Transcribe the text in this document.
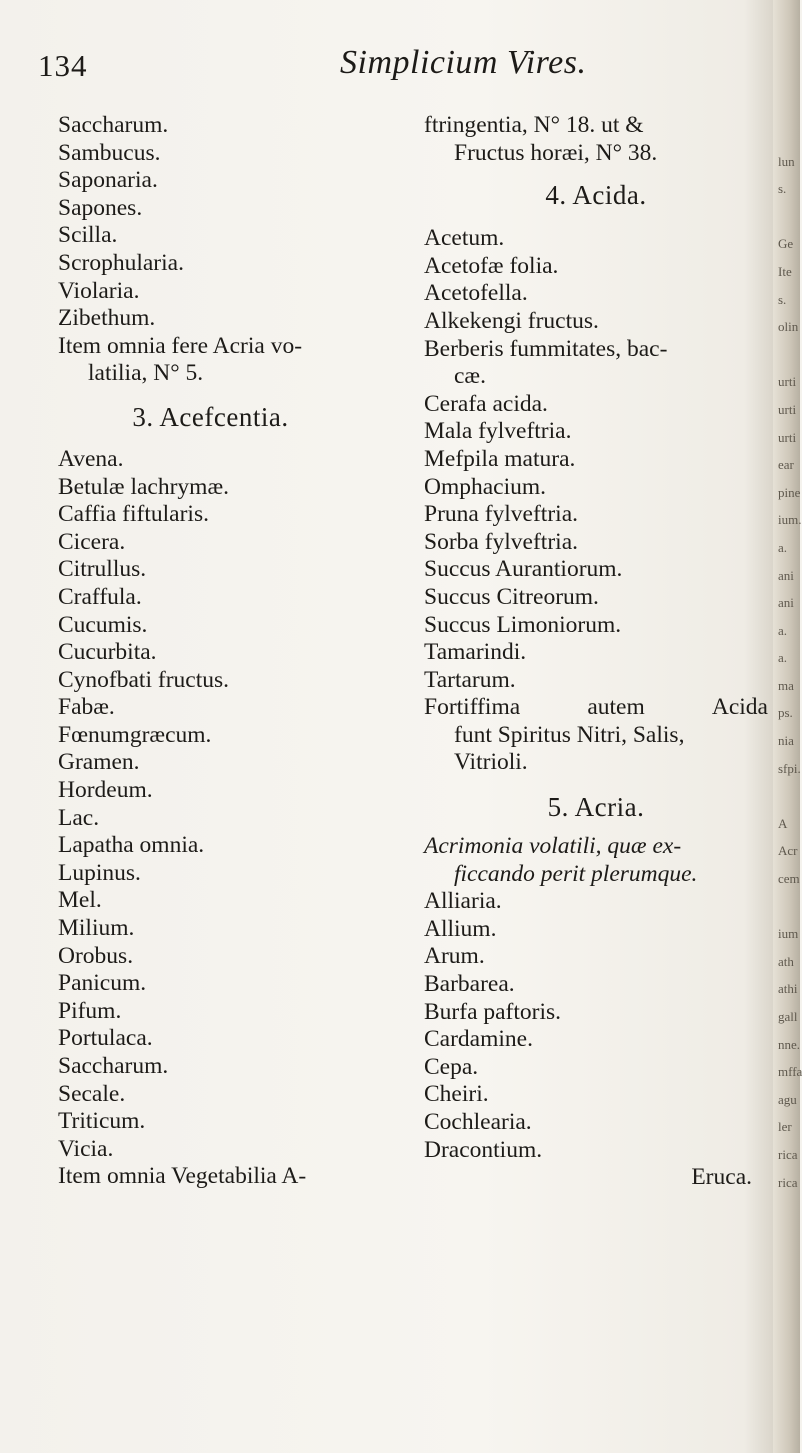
134	Simplicium Vires.
Saccharum.
Sambucus.
Saponaria.
Sapones.
Scilla.
Scrophularia.
Violaria.
Zibethum.
Item omnia fere Acria vo-
latilia, N° 5.
3. Acefcentia.
Avena.
Betulæ lachrymæ.
Caffia fiftularis.
Cicera.
Citrullus.
Craffula.
Cucumis.
Cucurbita.
Cynofbati fructus.
Fabæ.
Fœnumgræcum.
Gramen.
Hordeum.
Lac.
Lapatha omnia.
Lupinus.
Mel.
Milium.
Orobus.
Panicum.
Pifum.
Portulaca.
Saccharum.
Secale.
Triticum.
Vicia.
Item omnia Vegetabilia A-
ftringentia, N° 18. ut &
Fructus horæi, N° 38.
4. Acida.
Acetum.
Acetofæ folia.
Acetofella.
Alkekengi fructus.
Berberis fummitates, bac-
cæ.
Cerafa acida.
Mala fylveftria.
Mefpila matura.
Omphacium.
Pruna fylveftria.
Sorba fylveftria.
Succus Aurantiorum.
Succus Citreorum.
Succus Limoniorum.
Tamarindi.
Tartarum.
Fortiffima	autem	Acida
funt Spiritus Nitri, Salis,
Vitrioli.
5. Acria.
Acrimonia volatili, quæ ex-
ficcando perit plerumque.
Alliaria.
Allium.
Arum.
Barbarea.
Burfa paftoris.
Cardamine.
Cepa.
Cheiri.
Cochlearia.
Dracontium.
Eruca.
lun
s.
Ge
Ite
s.
olin
urti
urti
urti
ear
pine
ium.
a.
ani
ani
a.
a.
ma
ps.
nia
sfpi.
A
Acr
cem
ium
ath
athi
gall
nne.
mffa
agu
ler
rica
rica
